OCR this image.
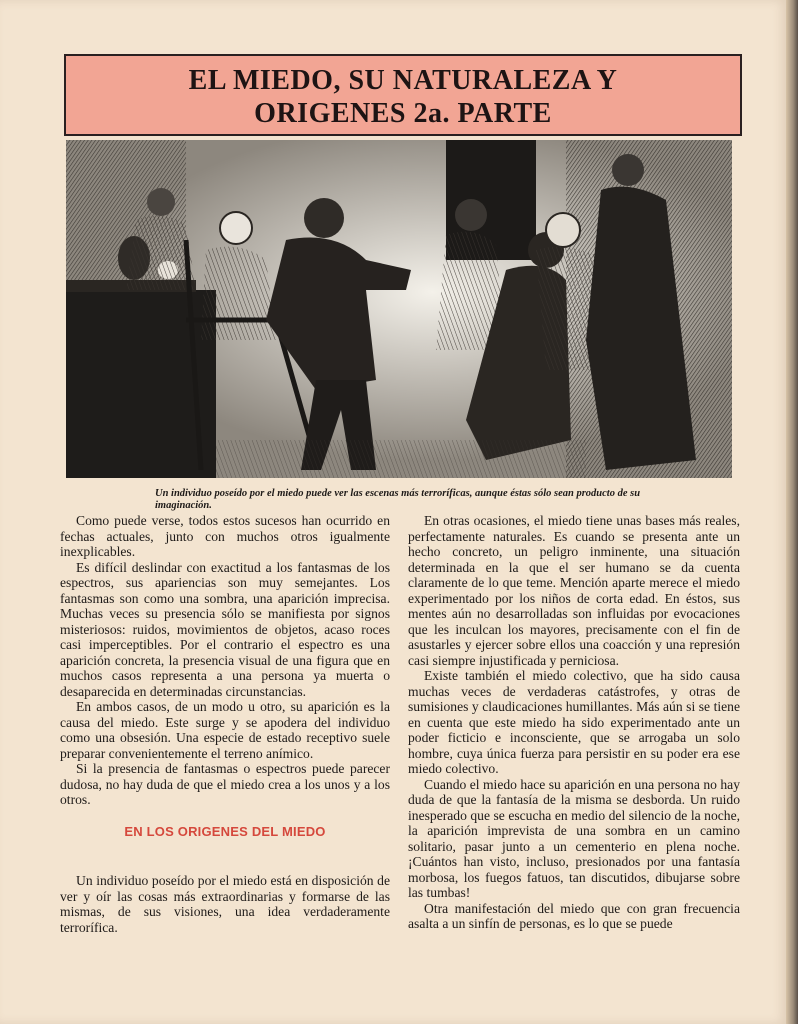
EL MIEDO, SU NATURALEZA Y
ORIGENES 2a. PARTE
Un individuo poseído por el miedo puede ver las escenas más terroríficas, aunque éstas sólo sean producto de su imaginación.

Como puede verse, todos estos sucesos han ocurrido en fechas actuales, junto con muchos otros igualmente inexplicables.

Es difícil deslindar con exactitud a los fantasmas de los espectros, sus apariencias son muy semejantes. Los fantasmas son como una sombra, una aparición imprecisa. Muchas veces su presencia sólo se manifiesta por signos misteriosos: ruidos, movimientos de objetos, acaso roces casi imperceptibles. Por el contrario el espectro es una aparición concreta, la presencia visual de una figura que en muchos casos representa a una persona ya muerta o desaparecida en determinadas circunstancias.

En ambos casos, de un modo u otro, su aparición es la causa del miedo. Este surge y se apodera del individuo como una obsesión. Una especie de estado receptivo suele preparar convenientemente el terreno anímico.

Si la presencia de fantasmas o espectros puede parecer dudosa, no hay duda de que el miedo crea a los unos y a los otros.

EN LOS ORIGENES DEL MIEDO

Un individuo poseído por el miedo está en disposición de ver y oír las cosas más extraordinarias y formarse de las mismas, de sus visiones, una idea verdaderamente terrorífica.

En otras ocasiones, el miedo tiene unas bases más reales, perfectamente naturales. Es cuando se presenta ante un hecho concreto, un peligro inminente, una situación determinada en la que el ser humano se da cuenta claramente de lo que teme. Mención aparte merece el miedo experimentado por los niños de corta edad. En éstos, sus mentes aún no desarrolladas son influidas por evocaciones que les inculcan los mayores, precisamente con el fin de asustarles y ejercer sobre ellos una coacción y una represión casi siempre injustificada y perniciosa.

Existe también el miedo colectivo, que ha sido causa muchas veces de verdaderas catástrofes, y otras de sumisiones y claudicaciones humillantes. Más aún si se tiene en cuenta que este miedo ha sido experimentado ante un poder ficticio e inconsciente, que se arrogaba un solo hombre, cuya única fuerza para persistir en su poder era ese miedo colectivo.

Cuando el miedo hace su aparición en una persona no hay duda de que la fantasía de la misma se desborda. Un ruido inesperado que se escucha en medio del silencio de la noche, la aparición imprevista de una sombra en un camino solitario, pasar junto a un cementerio en plena noche. ¡Cuántos han visto, incluso, presionados por una fantasía morbosa, los fuegos fatuos, tan discutidos, dibujarse sobre las tumbas!

Otra manifestación del miedo que con gran frecuencia asalta a un sinfín de personas, es lo que se puede
